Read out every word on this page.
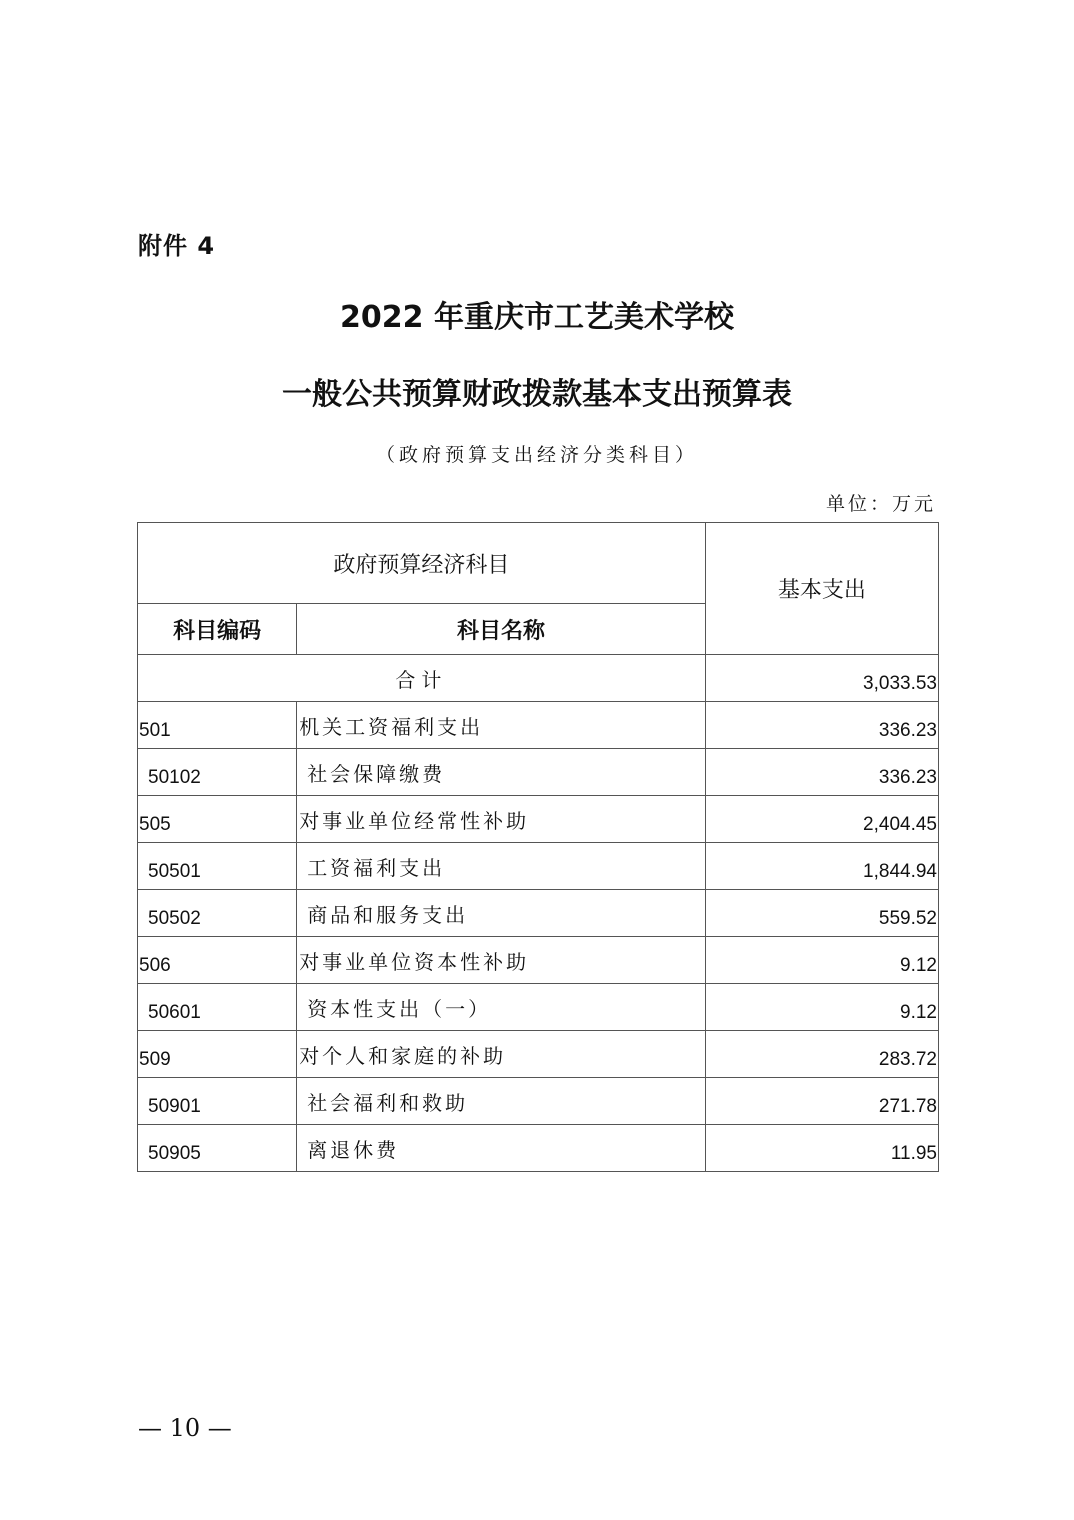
附件 4
2022 年重庆市工艺美术学校
一般公共预算财政拨款基本支出预算表
（政府预算支出经济分类科目）
单位：万元
政府预算经济科目		基本支出
科目编码	科目名称	
合计		3,033.53
501	机关工资福利支出	336.23
50102	社会保障缴费	336.23
505	对事业单位经常性补助	2,404.45
50501	工资福利支出	1,844.94
50502	商品和服务支出	559.52
506	对事业单位资本性补助	9.12
50601	资本性支出（一）	9.12
509	对个人和家庭的补助	283.72
50901	社会福利和救助	271.78
50905	离退休费	11.95
— 10 —
